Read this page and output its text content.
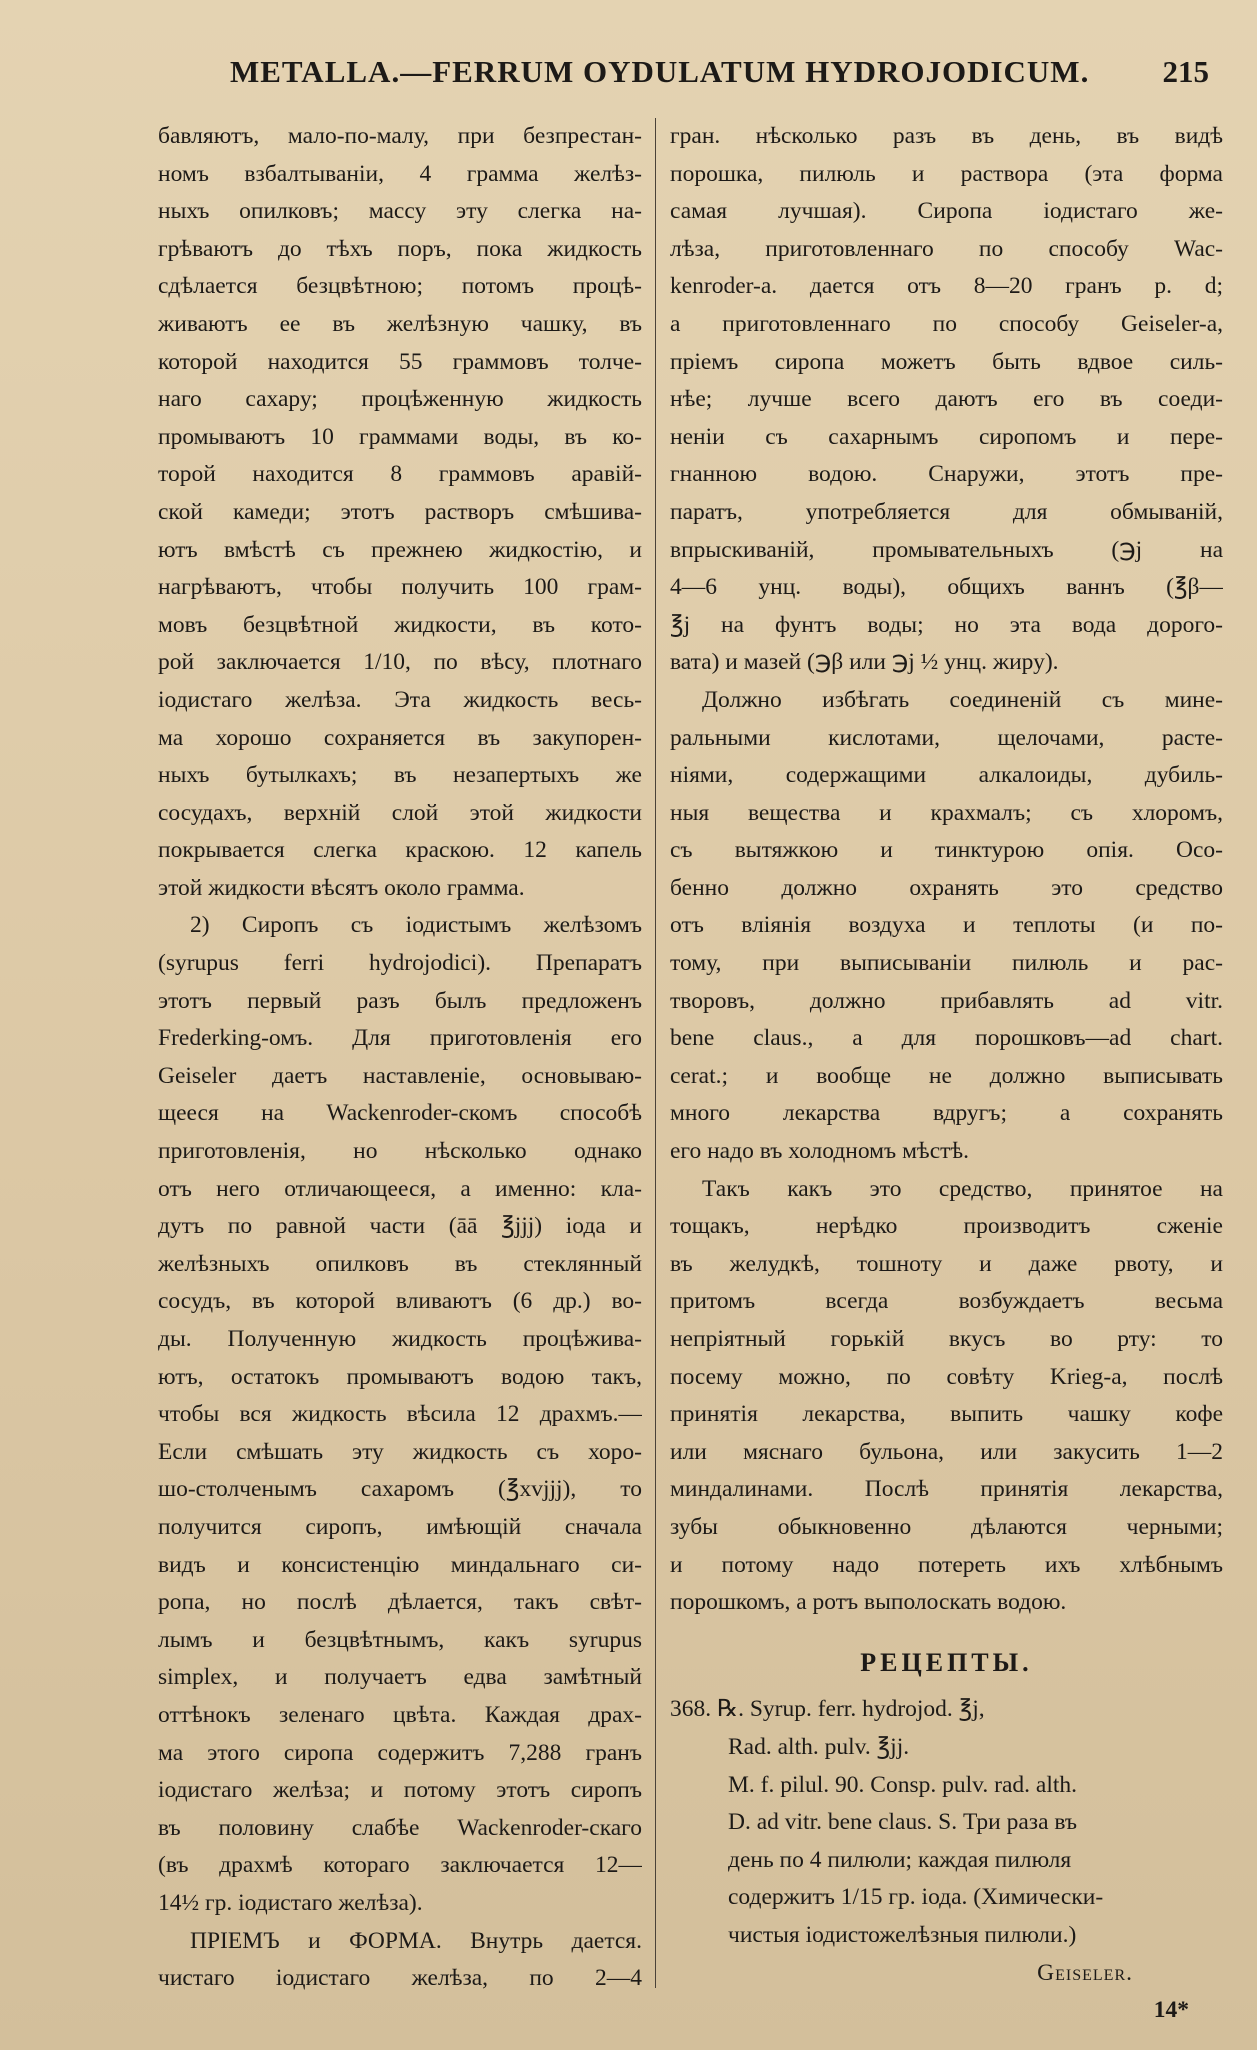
METALLA.—FERRUM OYDULATUM HYDROJODICUM. 215
бавляютъ, мало-по-малу, при безпрестан-
номъ взбалтываніи, 4 грамма желѣз-
ныхъ опилковъ; массу эту слегка на-
грѣваютъ до тѣхъ поръ, пока жидкость
сдѣлается безцвѣтною; потомъ процѣ-
живаютъ ее въ желѣзную чашку, въ
которой находится 55 граммовъ толче-
наго сахару; процѣженную жидкость
промываютъ 10 граммами воды, въ ко-
торой находится 8 граммовъ аравій-
ской камеди; этотъ растворъ смѣшива-
ютъ вмѣстѣ съ прежнею жидкостію, и
нагрѣваютъ, чтобы получить 100 грам-
мовъ безцвѣтной жидкости, въ кото-
рой заключается 1/10, по вѣсу, плотнаго
іодистаго желѣза. Эта жидкость весь-
ма хорошо сохраняется въ закупорен-
ныхъ бутылкахъ; въ незапертыхъ же
сосудахъ, верхній слой этой жидкости
покрывается слегка краскою. 12 капель
этой жидкости вѣсятъ около грамма.
2) Сиропъ съ іодистымъ желѣзомъ
(syrupus ferri hydrojodici). Препаратъ
этотъ первый разъ былъ предложенъ
Frederking-омъ. Для приготовленія его
Geiseler даетъ наставленіе, основываю-
щееся на Wackenroder-скомъ способѣ
приготовленія, но нѣсколько однако
отъ него отличающееся, а именно: кла-
дутъ по равной части (āā ℥jjj) іода и
желѣзныхъ опилковъ въ стеклянный
сосудъ, въ которой вливаютъ (6 др.) во-
ды. Полученную жидкость процѣжива-
ютъ, остатокъ промываютъ водою такъ,
чтобы вся жидкость вѣсила 12 драхмъ.—
Если смѣшать эту жидкость съ хоро-
шо-столченымъ сахаромъ (℥xvjjj), то
получится сиропъ, имѣющій сначала
видъ и консистенцію миндальнаго си-
ропа, но послѣ дѣлается, такъ свѣт-
лымъ и безцвѣтнымъ, какъ syrupus
simplex, и получаетъ едва замѣтный
оттѣнокъ зеленаго цвѣта. Каждая драх-
ма этого сиропа содержитъ 7,288 гранъ
іодистаго желѣза; и потому этотъ сиропъ
въ половину слабѣе Wackenroder-скаго
(въ драхмѣ котораго заключается 12—
14½ гр. іодистаго желѣза).
ПРІЕМЪ и ФОРМА. Внутрь дается.
чистаго іодистаго желѣза, по 2—4
гран. нѣсколько разъ въ день, въ видѣ
порошка, пилюль и раствора (эта форма
самая лучшая). Сиропа іодистаго же-
лѣза, приготовленнаго по способу Wac-
kenroder-а. дается отъ 8—20 гранъ p. d;
а приготовленнаго по способу Geiseler-а,
пріемъ сиропа можетъ быть вдвое силь-
нѣе; лучше всего даютъ его въ соеди-
неніи съ сахарнымъ сиропомъ и пере-
гнанною водою. Снаружи, этотъ пре-
паратъ, употребляется для обмываній,
впрыскиваній, промывательныхъ (℈j на
4—6 унц. воды), общихъ ваннъ (℥β—
℥j на фунтъ воды; но эта вода дорого-
вата) и мазей (℈β или ℈j ½ унц. жиру).
Должно избѣгать соединеній съ мине-
ральными кислотами, щелочами, расте-
ніями, содержащими алкалоиды, дубиль-
ныя вещества и крахмалъ; съ хлоромъ,
съ вытяжкою и тинктурою опія. Осо-
бенно должно охранять это средство
отъ вліянія воздуха и теплоты (и по-
тому, при выписываніи пилюль и рас-
творовъ, должно прибавлять ad vitr.
bene claus., а для порошковъ—ad chart.
cerat.; и вообще не должно выписывать
много лекарства вдругъ; а сохранять
его надо въ холодномъ мѣстѣ.
Такъ какъ это средство, принятое на
тощакъ, нерѣдко производитъ сженіе
въ желудкѣ, тошноту и даже рвоту, и
притомъ всегда возбуждаетъ весьма
непріятный горькій вкусъ во рту: то
посему можно, по совѣту Krieg-а, послѣ
принятія лекарства, выпить чашку кофе
или мяснаго бульона, или закусить 1—2
миндалинами. Послѣ принятія лекарства,
зубы обыкновенно дѣлаются черными;
и потому надо потереть ихъ хлѣбнымъ
порошкомъ, а ротъ выполоскать водою.
РЕЦЕПТЫ.
368. ℞. Syrup. ferr. hydrojod. ℥j,
Rad. alth. pulv. ℥jj.
M. f. pilul. 90. Consp. pulv. rad. alth.
D. ad vitr. bene claus. S. Три раза въ
день по 4 пилюли; каждая пилюля
содержитъ 1/15 гр. іода. (Химически-
чистыя іодистожелѣзныя пилюли.)
Geiseler.
14*
